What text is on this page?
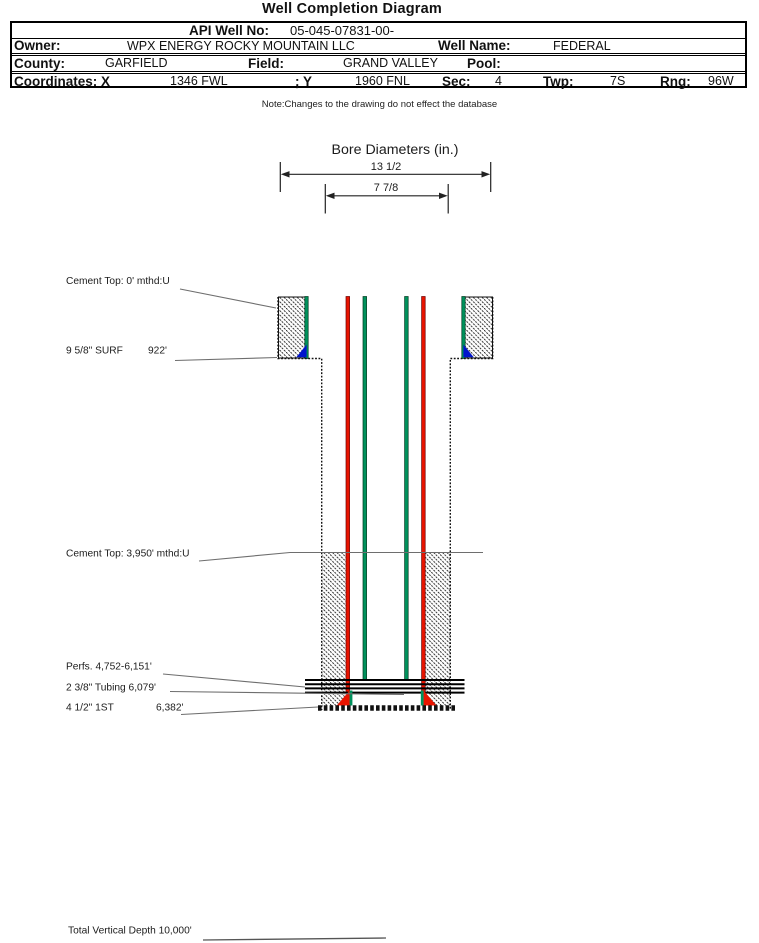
Well Completion Diagram
API Well No: 05-045-07831-00-
Owner:	WPX ENERGY ROCKY MOUNTAIN LLC	Well Name:	FEDERAL
County:	GARFIELD	Field:	GRAND VALLEY Pool:
Coordinates: X	1346 FWL	; Y	1960 FNL Sec: 4	Twp:	7S	Rng: 96W
Note:Changes to the drawing do not effect the database
Bore Diameters (in.)
13 1/2
7 7/8
Cement Top: 0' mthd:U
9 5/8" SURF 922'
Cement Top: 3,950' mthd:U
Perfs. 4,752-6,151'
2 3/8" Tubing 6,079'
4 1/2" 1ST	6,382'
Total Vertical Depth 10,000'
